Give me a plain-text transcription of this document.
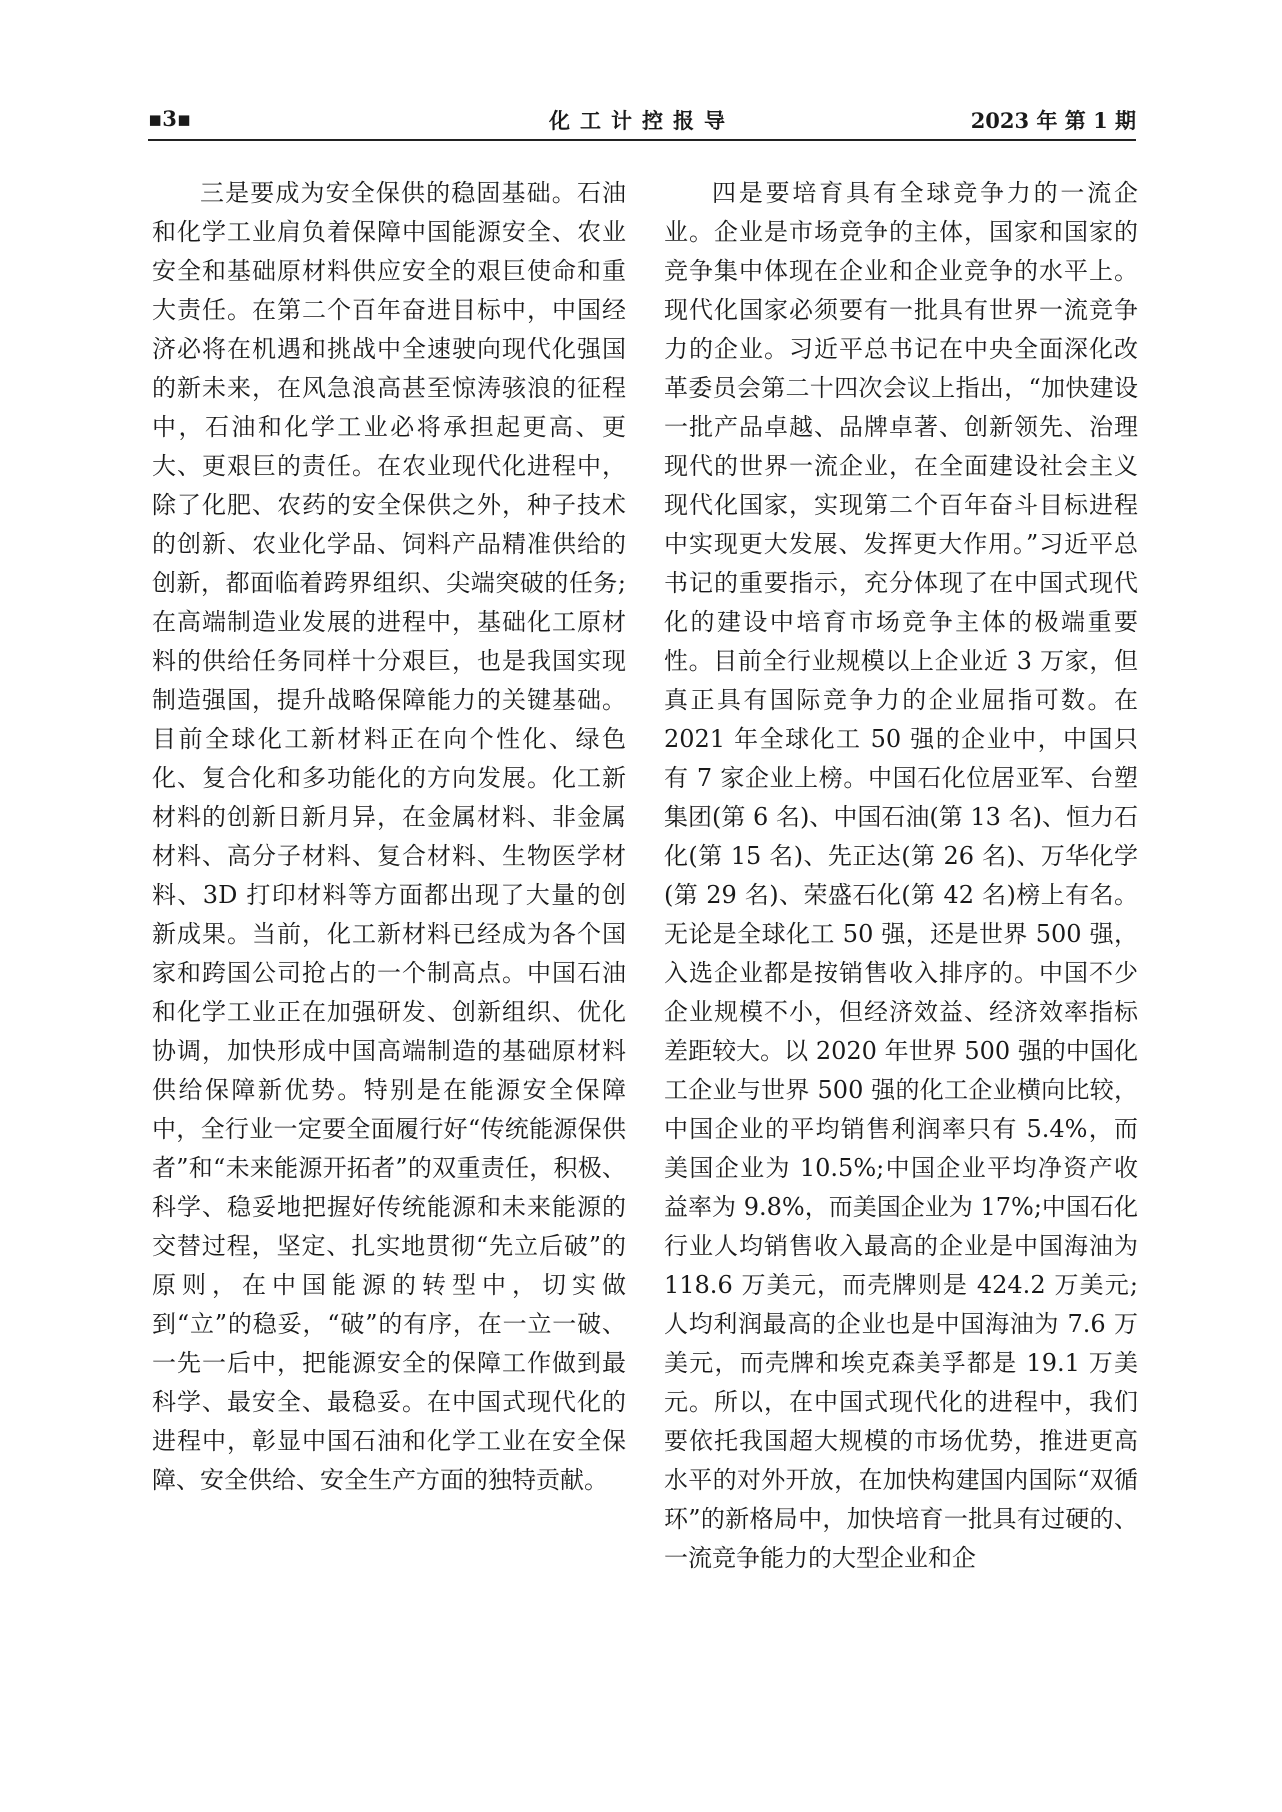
▪3▪	化工计控报导	2023 年 第 1 期

三是要成为安全保供的稳固基础。石油和化学工业肩负着保障中国能源安全、农业安全和基础原材料供应安全的艰巨使命和重大责任。在第二个百年奋进目标中，中国经济必将在机遇和挑战中全速驶向现代化强国的新未来，在风急浪高甚至惊涛骇浪的征程中，石油和化学工业必将承担起更高、更大、更艰巨的责任。在农业现代化进程中，除了化肥、农药的安全保供之外，种子技术的创新、农业化学品、饲料产品精准供给的创新，都面临着跨界组织、尖端突破的任务;在高端制造业发展的进程中，基础化工原材料的供给任务同样十分艰巨，也是我国实现制造强国，提升战略保障能力的关键基础。目前全球化工新材料正在向个性化、绿色化、复合化和多功能化的方向发展。化工新材料的创新日新月异，在金属材料、非金属材料、高分子材料、复合材料、生物医学材料、3D 打印材料等方面都出现了大量的创新成果。当前，化工新材料已经成为各个国家和跨国公司抢占的一个制高点。中国石油和化学工业正在加强研发、创新组织、优化协调，加快形成中国高端制造的基础原材料供给保障新优势。特别是在能源安全保障中，全行业一定要全面履行好“传统能源保供者”和“未来能源开拓者”的双重责任，积极、科学、稳妥地把握好传统能源和未来能源的交替过程，坚定、扎实地贯彻“先立后破”的原则，在中国能源的转型中，切实做到“立”的稳妥，“破”的有序，在一立一破、一先一后中，把能源安全的保障工作做到最科学、最安全、最稳妥。在中国式现代化的进程中，彰显中国石油和化学工业在安全保障、安全供给、安全生产方面的独特贡献。

四是要培育具有全球竞争力的一流企业。企业是市场竞争的主体，国家和国家的竞争集中体现在企业和企业竞争的水平上。现代化国家必须要有一批具有世界一流竞争力的企业。习近平总书记在中央全面深化改革委员会第二十四次会议上指出，“加快建设一批产品卓越、品牌卓著、创新领先、治理现代的世界一流企业，在全面建设社会主义现代化国家，实现第二个百年奋斗目标进程中实现更大发展、发挥更大作用。”习近平总书记的重要指示，充分体现了在中国式现代化的建设中培育市场竞争主体的极端重要性。目前全行业规模以上企业近 3 万家，但真正具有国际竞争力的企业屈指可数。在 2021 年全球化工 50 强的企业中，中国只有 7 家企业上榜。中国石化位居亚军、台塑集团(第 6 名)、中国石油(第 13 名)、恒力石化(第 15 名)、先正达(第 26 名)、万华化学(第 29 名)、荣盛石化(第 42 名)榜上有名。无论是全球化工 50 强，还是世界 500 强，入选企业都是按销售收入排序的。中国不少企业规模不小，但经济效益、经济效率指标差距较大。以 2020 年世界 500 强的中国化工企业与世界 500 强的化工企业横向比较，中国企业的平均销售利润率只有 5.4%，而美国企业为 10.5%;中国企业平均净资产收益率为 9.8%，而美国企业为 17%;中国石化行业人均销售收入最高的企业是中国海油为 118.6 万美元，而壳牌则是 424.2 万美元;人均利润最高的企业也是中国海油为 7.6 万美元，而壳牌和埃克森美孚都是 19.1 万美元。所以，在中国式现代化的进程中，我们要依托我国超大规模的市场优势，推进更高水平的对外开放，在加快构建国内国际“双循环”的新格局中，加快培育一批具有过硬的、一流竞争能力的大型企业和企
